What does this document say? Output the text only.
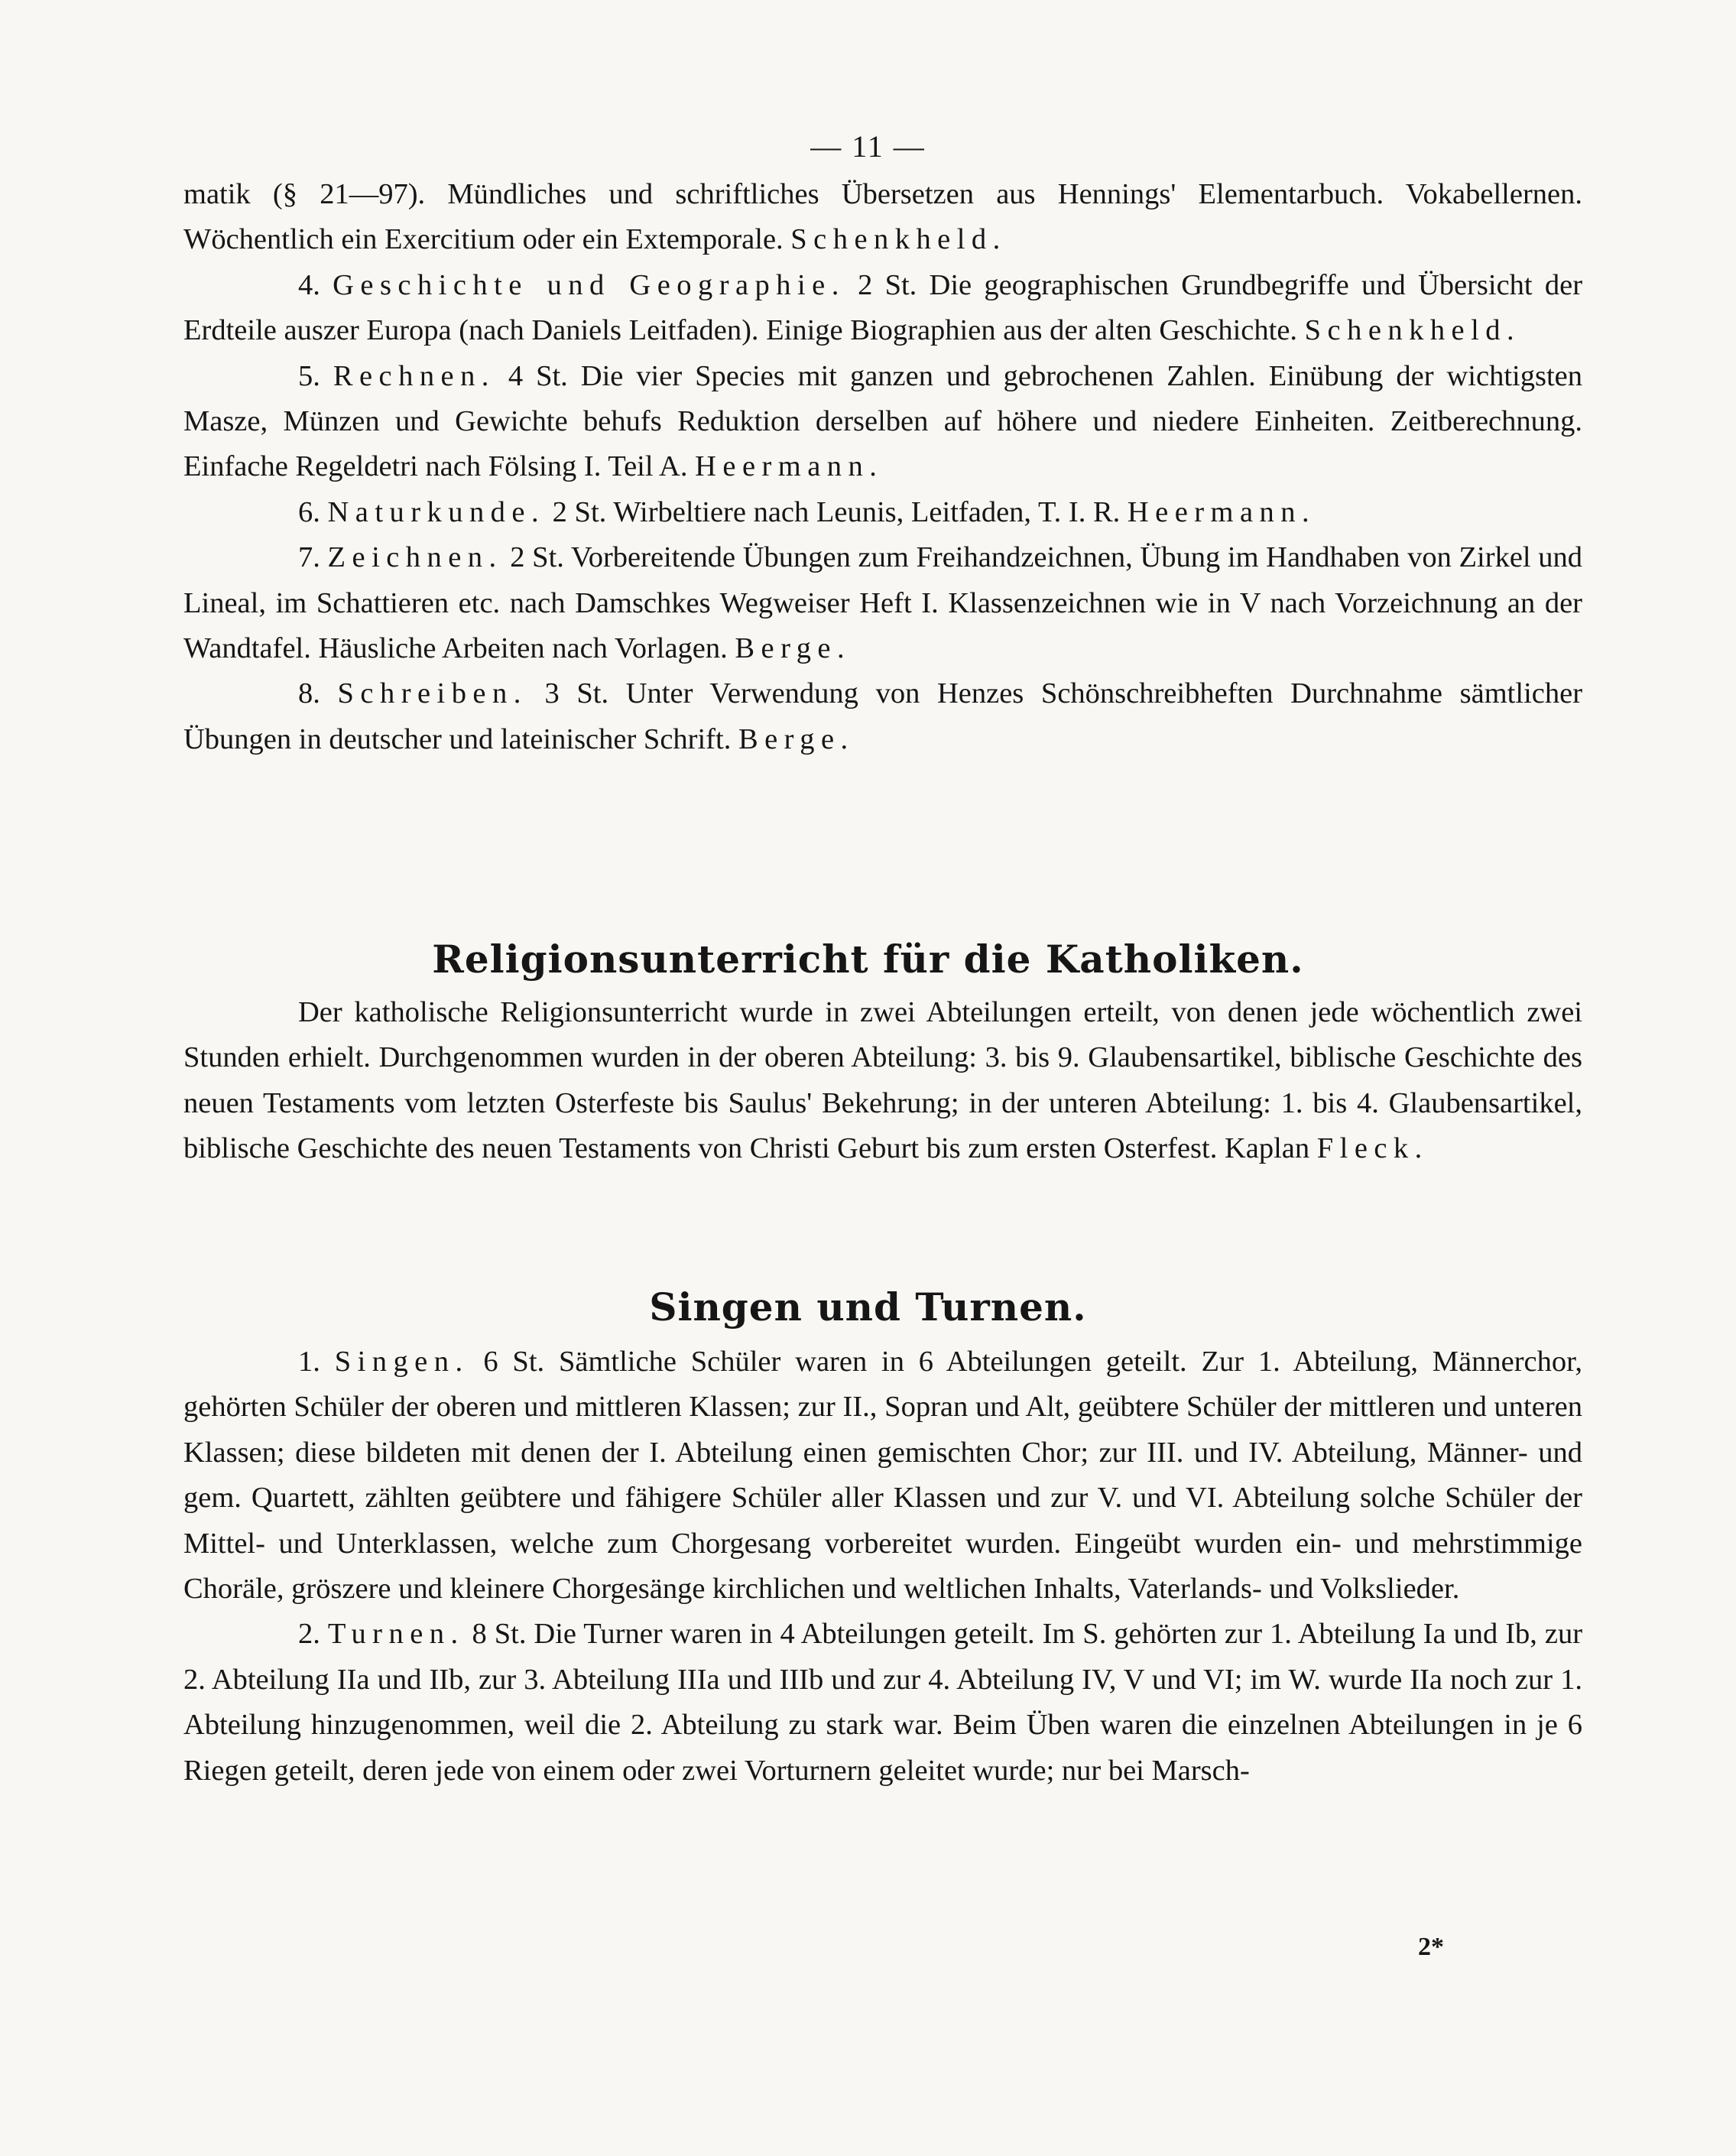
— 11 —

matik (§ 21—97). Mündliches und schriftliches Übersetzen aus Hennings' Elementarbuch. Vokabellernen. Wöchentlich ein Exercitium oder ein Extemporale. Schenkheld.

4. Geschichte und Geographie. 2 St. Die geographischen Grundbegriffe und Übersicht der Erdteile auszer Europa (nach Daniels Leitfaden). Einige Biographien aus der alten Geschichte. Schenkheld.

5. Rechnen. 4 St. Die vier Species mit ganzen und gebrochenen Zahlen. Einübung der wichtigsten Masze, Münzen und Gewichte behufs Reduktion derselben auf höhere und niedere Einheiten. Zeitberechnung. Einfache Regeldetri nach Fölsing I. Teil A. Heermann.

6. Naturkunde. 2 St. Wirbeltiere nach Leunis, Leitfaden, T. I. R. Heermann.

7. Zeichnen. 2 St. Vorbereitende Übungen zum Freihandzeichnen, Übung im Handhaben von Zirkel und Lineal, im Schattieren etc. nach Damschkes Wegweiser Heft I. Klassenzeichnen wie in V nach Vorzeichnung an der Wandtafel. Häusliche Arbeiten nach Vorlagen. Berge.

8. Schreiben. 3 St. Unter Verwendung von Henzes Schönschreibheften Durchnahme sämtlicher Übungen in deutscher und lateinischer Schrift. Berge.

Religionsunterricht für die Katholiken.

Der katholische Religionsunterricht wurde in zwei Abteilungen erteilt, von denen jede wöchentlich zwei Stunden erhielt. Durchgenommen wurden in der oberen Abteilung: 3. bis 9. Glaubensartikel, biblische Geschichte des neuen Testaments vom letzten Osterfeste bis Saulus' Bekehrung; in der unteren Abteilung: 1. bis 4. Glaubensartikel, biblische Geschichte des neuen Testaments von Christi Geburt bis zum ersten Osterfest. Kaplan Fleck.

Singen und Turnen.

1. Singen. 6 St. Sämtliche Schüler waren in 6 Abteilungen geteilt. Zur 1. Abteilung, Männerchor, gehörten Schüler der oberen und mittleren Klassen; zur II., Sopran und Alt, geübtere Schüler der mittleren und unteren Klassen; diese bildeten mit denen der I. Abteilung einen gemischten Chor; zur III. und IV. Abteilung, Männer- und gem. Quartett, zählten geübtere und fähigere Schüler aller Klassen und zur V. und VI. Abteilung solche Schüler der Mittel- und Unterklassen, welche zum Chorgesang vorbereitet wurden. Eingeübt wurden ein- und mehrstimmige Choräle, gröszere und kleinere Chorgesänge kirchlichen und weltlichen Inhalts, Vaterlands- und Volkslieder.

2. Turnen. 8 St. Die Turner waren in 4 Abteilungen geteilt. Im S. gehörten zur 1. Abteilung Ia und Ib, zur 2. Abteilung IIa und IIb, zur 3. Abteilung IIIa und IIIb und zur 4. Abteilung IV, V und VI; im W. wurde IIa noch zur 1. Abteilung hinzugenommen, weil die 2. Abteilung zu stark war. Beim Üben waren die einzelnen Abteilungen in je 6 Riegen geteilt, deren jede von einem oder zwei Vorturnern geleitet wurde; nur bei Marsch-

2*
